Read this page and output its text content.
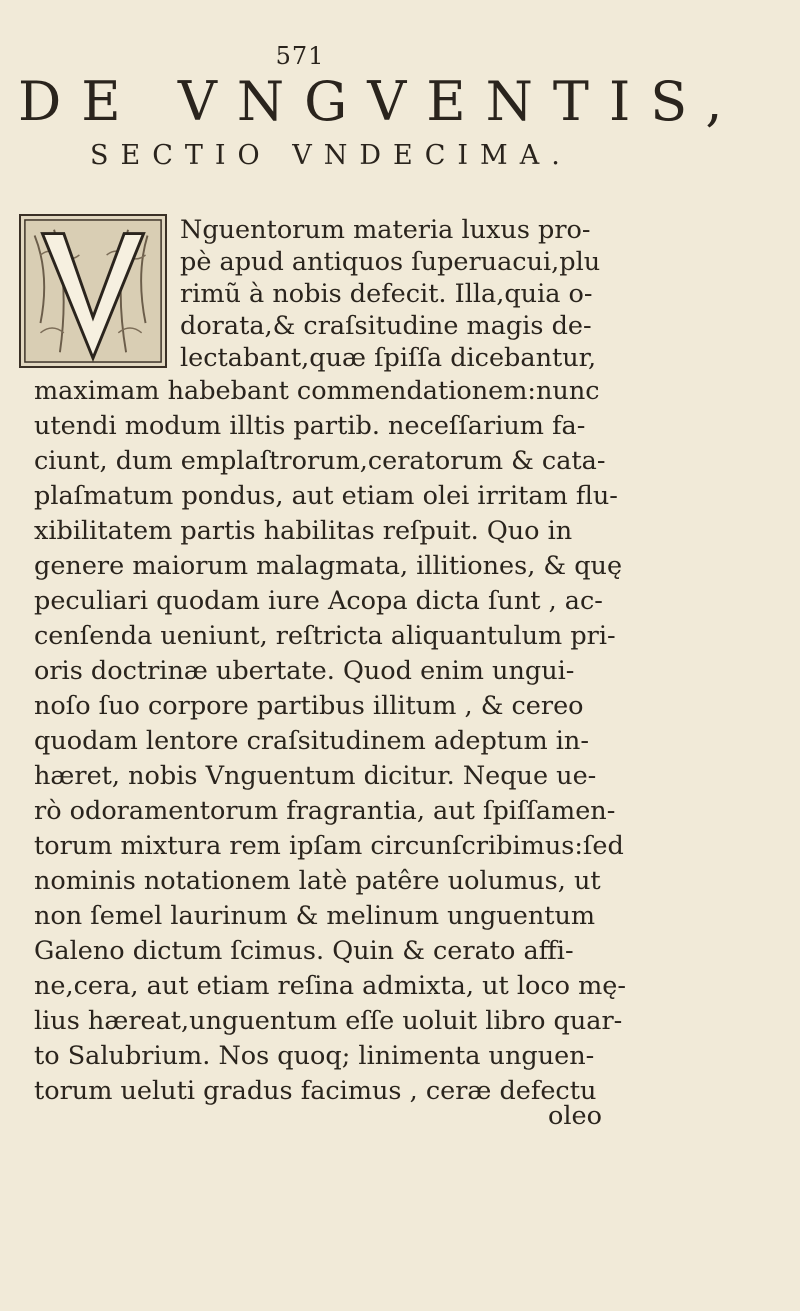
571
DE VNGVENTIS,
SECTIO VNDECIMA.
Nguentorum materia luxus pro-
pè apud antiquos ſuperuacui,plu
rimũ à nobis defecit. Illa,quia o-
dorata,& craſsitudine magis de-
lectabant,quæ ſpiſſa dicebantur,
maximam habebant commendationem:nunc
utendi modum illtis partib. neceſſarium fa-
ciunt, dum emplaſtrorum,ceratorum & cata-
plaſmatum pondus, aut etiam olei irritam flu-
xibilitatem partis habilitas reſpuit. Quo in
genere maiorum malagmata, illitiones, & quę
peculiari quodam iure Acopa dicta ſunt , ac-
cenſenda ueniunt, reſtricta aliquantulum pri-
oris doctrinæ ubertate. Quod enim ungui-
noſo ſuo corpore partibus illitum , & cereo
quodam lentore craſsitudinem adeptum in-
hæret, nobis Vnguentum dicitur. Neque ue-
rò odoramentorum fragrantia, aut ſpiſſamen-
torum mixtura rem ipſam circunſcribimus:ſed
nominis notationem latè patêre uolumus, ut
non ſemel laurinum & melinum unguentum
Galeno dictum ſcimus. Quin & cerato affi-
ne,cera, aut etiam reſina admixta, ut loco mę-
lius hæreat,unguentum eſſe uoluit libro quar-
to Salubrium. Nos quoq; linimenta unguen-
torum ueluti gradus facimus , ceræ defectu
oleo
